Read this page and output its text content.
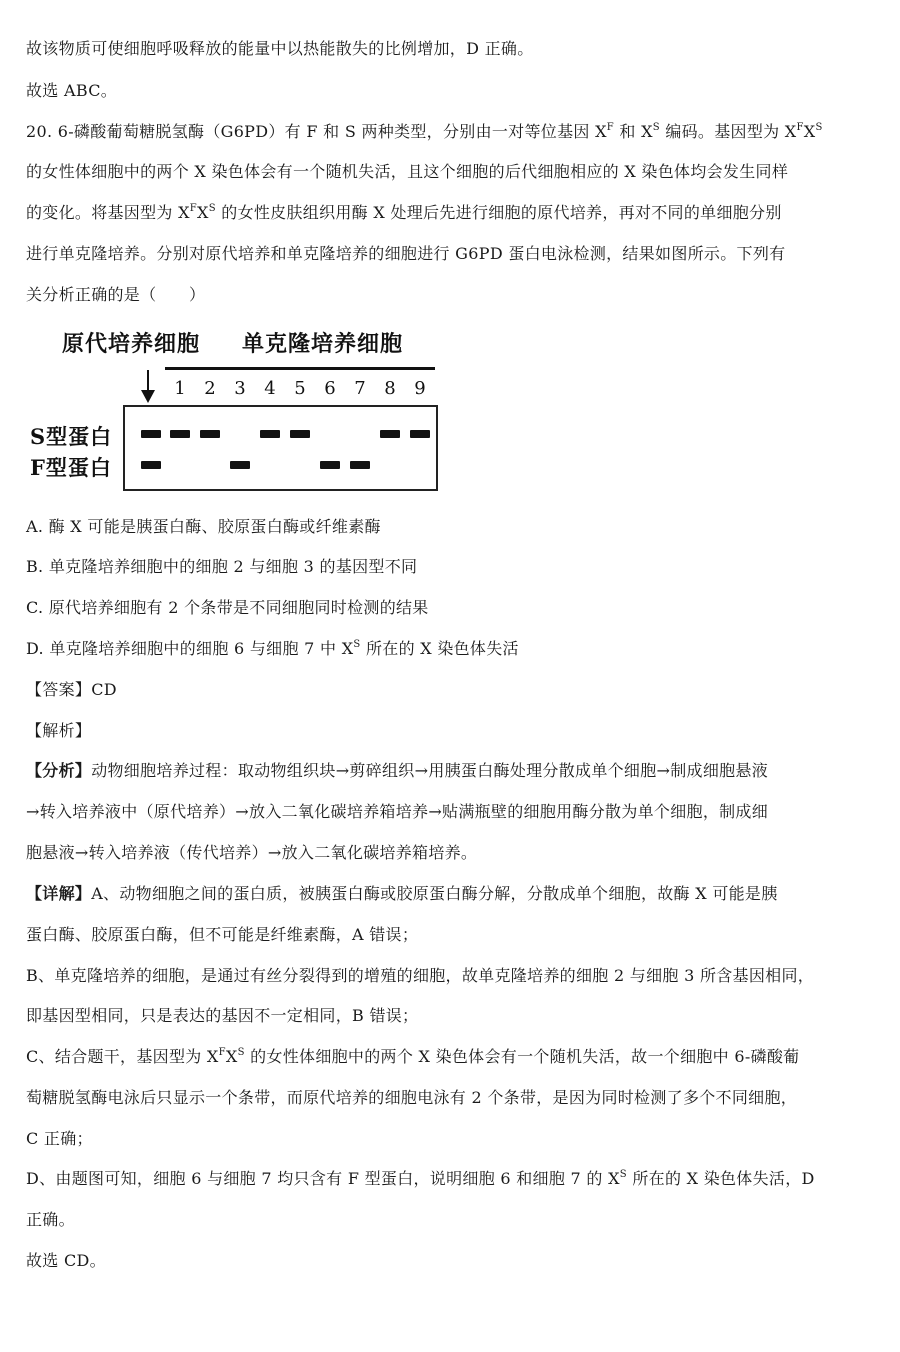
故该物质可使细胞呼吸释放的能量中以热能散失的比例增加，D 正确。
故选 ABC。
20. 6-磷酸葡萄糖脱氢酶（G6PD）有 F 和 S 两种类型，分别由一对等位基因 $X^F$ 和 $X^S$ 编码。基因型为 $X^FX^S$
的女性体细胞中的两个 X 染色体会有一个随机失活，且这个细胞的后代细胞相应的 X 染色体均会发生同样
的变化。将基因型为 $X^FX^S$ 的女性皮肤组织用酶 X 处理后先进行细胞的原代培养，再对不同的单细胞分别
进行单克隆培养。分别对原代培养和单克隆培养的细胞进行 G6PD 蛋白电泳检测，结果如图所示。下列有
关分析正确的是（　　）
原代培养细胞 单克隆培养细胞
1	2	3	4	5	6	7	8	9
S型蛋白
F型蛋白
A. 酶 X 可能是胰蛋白酶、胶原蛋白酶或纤维素酶
B. 单克隆培养细胞中的细胞 2 与细胞 3 的基因型不同
C. 原代培养细胞有 2 个条带是不同细胞同时检测的结果
D. 单克隆培养细胞中的细胞 6 与细胞 7 中 $X^S$ 所在的 X 染色体失活
【答案】CD
【解析】
【分析】动物细胞培养过程：取动物组织块→剪碎组织→用胰蛋白酶处理分散成单个细胞→制成细胞悬液
→转入培养液中（原代培养）→放入二氧化碳培养箱培养→贴满瓶壁的细胞用酶分散为单个细胞，制成细
胞悬液→转入培养液（传代培养）→放入二氧化碳培养箱培养。
【详解】A、动物细胞之间的蛋白质，被胰蛋白酶或胶原蛋白酶分解，分散成单个细胞，故酶 X 可能是胰
蛋白酶、胶原蛋白酶，但不可能是纤维素酶，A 错误；
B、单克隆培养的细胞，是通过有丝分裂得到的增殖的细胞，故单克隆培养的细胞 2 与细胞 3 所含基因相同，
即基因型相同，只是表达的基因不一定相同，B 错误；
C、结合题干，基因型为 $X^FX^S$ 的女性体细胞中的两个 X 染色体会有一个随机失活，故一个细胞中 6-磷酸葡
萄糖脱氢酶电泳后只显示一个条带，而原代培养的细胞电泳有 2 个条带，是因为同时检测了多个不同细胞，
C 正确；
D、由题图可知，细胞 6 与细胞 7 均只含有 F 型蛋白，说明细胞 6 和细胞 7 的 $X^S$ 所在的 X 染色体失活，D
正确。
故选 CD。
